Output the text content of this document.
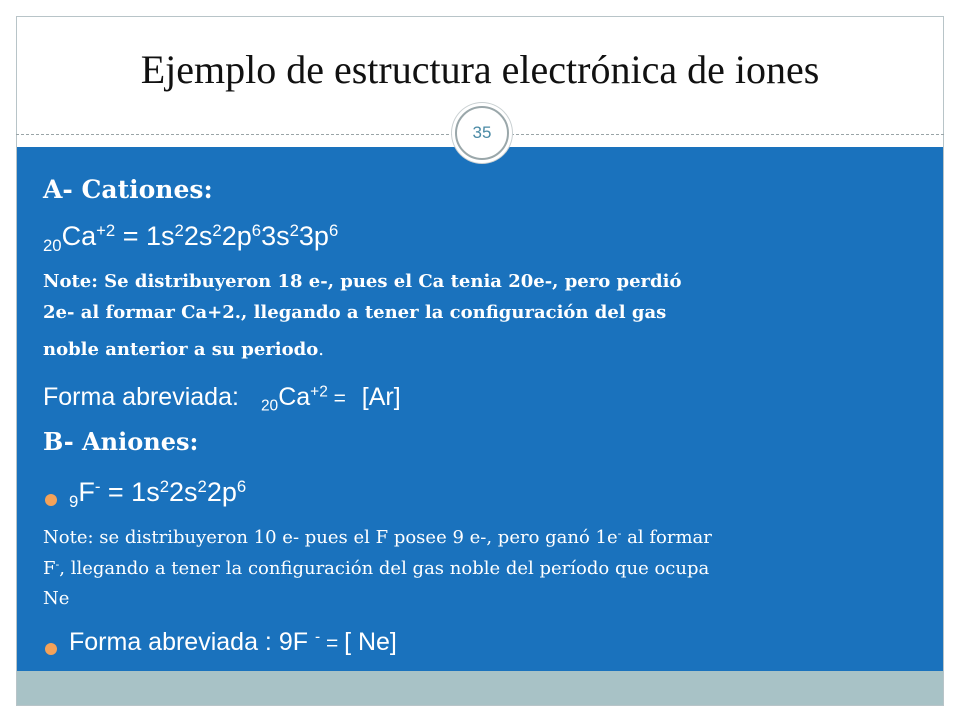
Ejemplo de estructura electrónica de iones
35
A- Cationes:
$_{20}Ca^{+2} = 1s^22s^22p^63s^23p^6$
Note: Se distribuyeron 18 e-, pues el Ca tenia 20e-, pero perdió
2e- al formar Ca+2., llegando a tener la configuración del gas
noble anterior a su periodo.
Forma abreviada: $_{20}Ca^{+2} = [Ar]$
B- Aniones:
$_9F^- = 1s^22s^22p^6$
Note: se distribuyeron 10 e- pues el F posee 9 e-, pero ganó 1e- al formar
F-, llegando a tener la configuración del gas noble del período que ocupa
Ne
Forma abreviada : 9F - = [ Ne]
